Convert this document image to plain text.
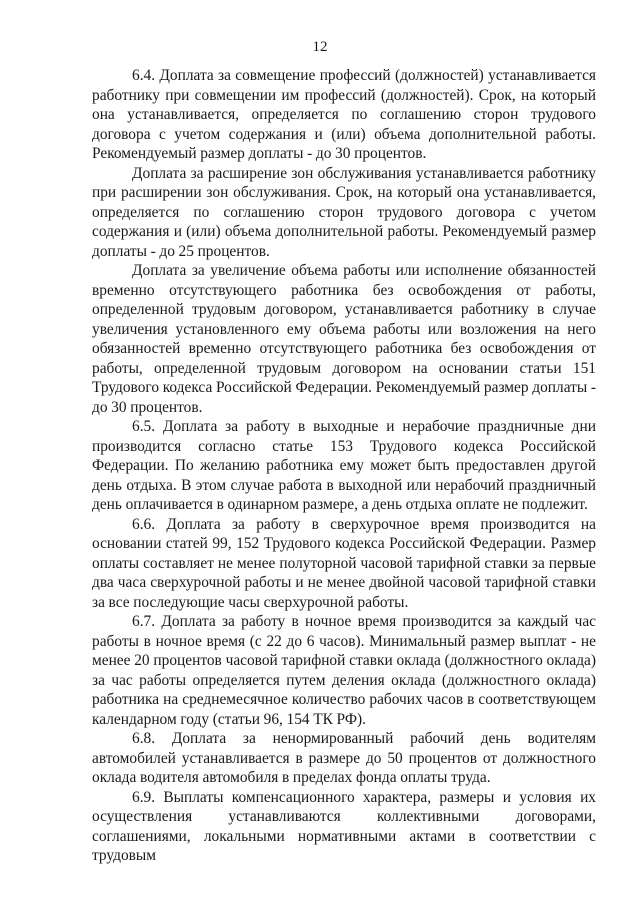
12

6.4. Доплата за совмещение профессий (должностей) устанавливается работнику при совмещении им профессий (должностей). Срок, на который она устанавливается, определяется по соглашению сторон трудового договора с учетом содержания и (или) объема дополнительной работы. Рекомендуемый размер доплаты - до 30 процентов.

Доплата за расширение зон обслуживания устанавливается работнику при расширении зон обслуживания. Срок, на который она устанавливается, определяется по соглашению сторон трудового договора с учетом содержания и (или) объема дополнительной работы. Рекомендуемый размер доплаты - до 25 процентов.

Доплата за увеличение объема работы или исполнение обязанностей временно отсутствующего работника без освобождения от работы, определенной трудовым договором, устанавливается работнику в случае увеличения установленного ему объема работы или возложения на него обязанностей временно отсутствующего работника без освобождения от работы, определенной трудовым договором на основании статьи 151 Трудового кодекса Российской Федерации. Рекомендуемый размер доплаты - до 30 процентов.

6.5. Доплата за работу в выходные и нерабочие праздничные дни производится согласно статье 153 Трудового кодекса Российской Федерации. По желанию работника ему может быть предоставлен другой день отдыха. В этом случае работа в выходной или нерабочий праздничный день оплачивается в одинарном размере, а день отдыха оплате не подлежит.

6.6. Доплата за работу в сверхурочное время производится на основании статей 99, 152 Трудового кодекса Российской Федерации. Размер оплаты составляет не менее полуторной часовой тарифной ставки за первые два часа сверхурочной работы и не менее двойной часовой тарифной ставки за все последующие часы сверхурочной работы.

6.7. Доплата за работу в ночное время производится за каждый час работы в ночное время (с 22 до 6 часов). Минимальный размер выплат - не менее 20 процентов часовой тарифной ставки оклада (должностного оклада) за час работы определяется путем деления оклада (должностного оклада) работника на среднемесячное количество рабочих часов в соответствующем календарном году (статьи 96, 154 ТК РФ).

6.8. Доплата за ненормированный рабочий день водителям автомобилей устанавливается в размере до 50 процентов от должностного оклада водителя автомобиля в пределах фонда оплаты труда.

6.9. Выплаты компенсационного характера, размеры и условия их осуществления устанавливаются коллективными договорами, соглашениями, локальными нормативными актами в соответствии с трудовым
